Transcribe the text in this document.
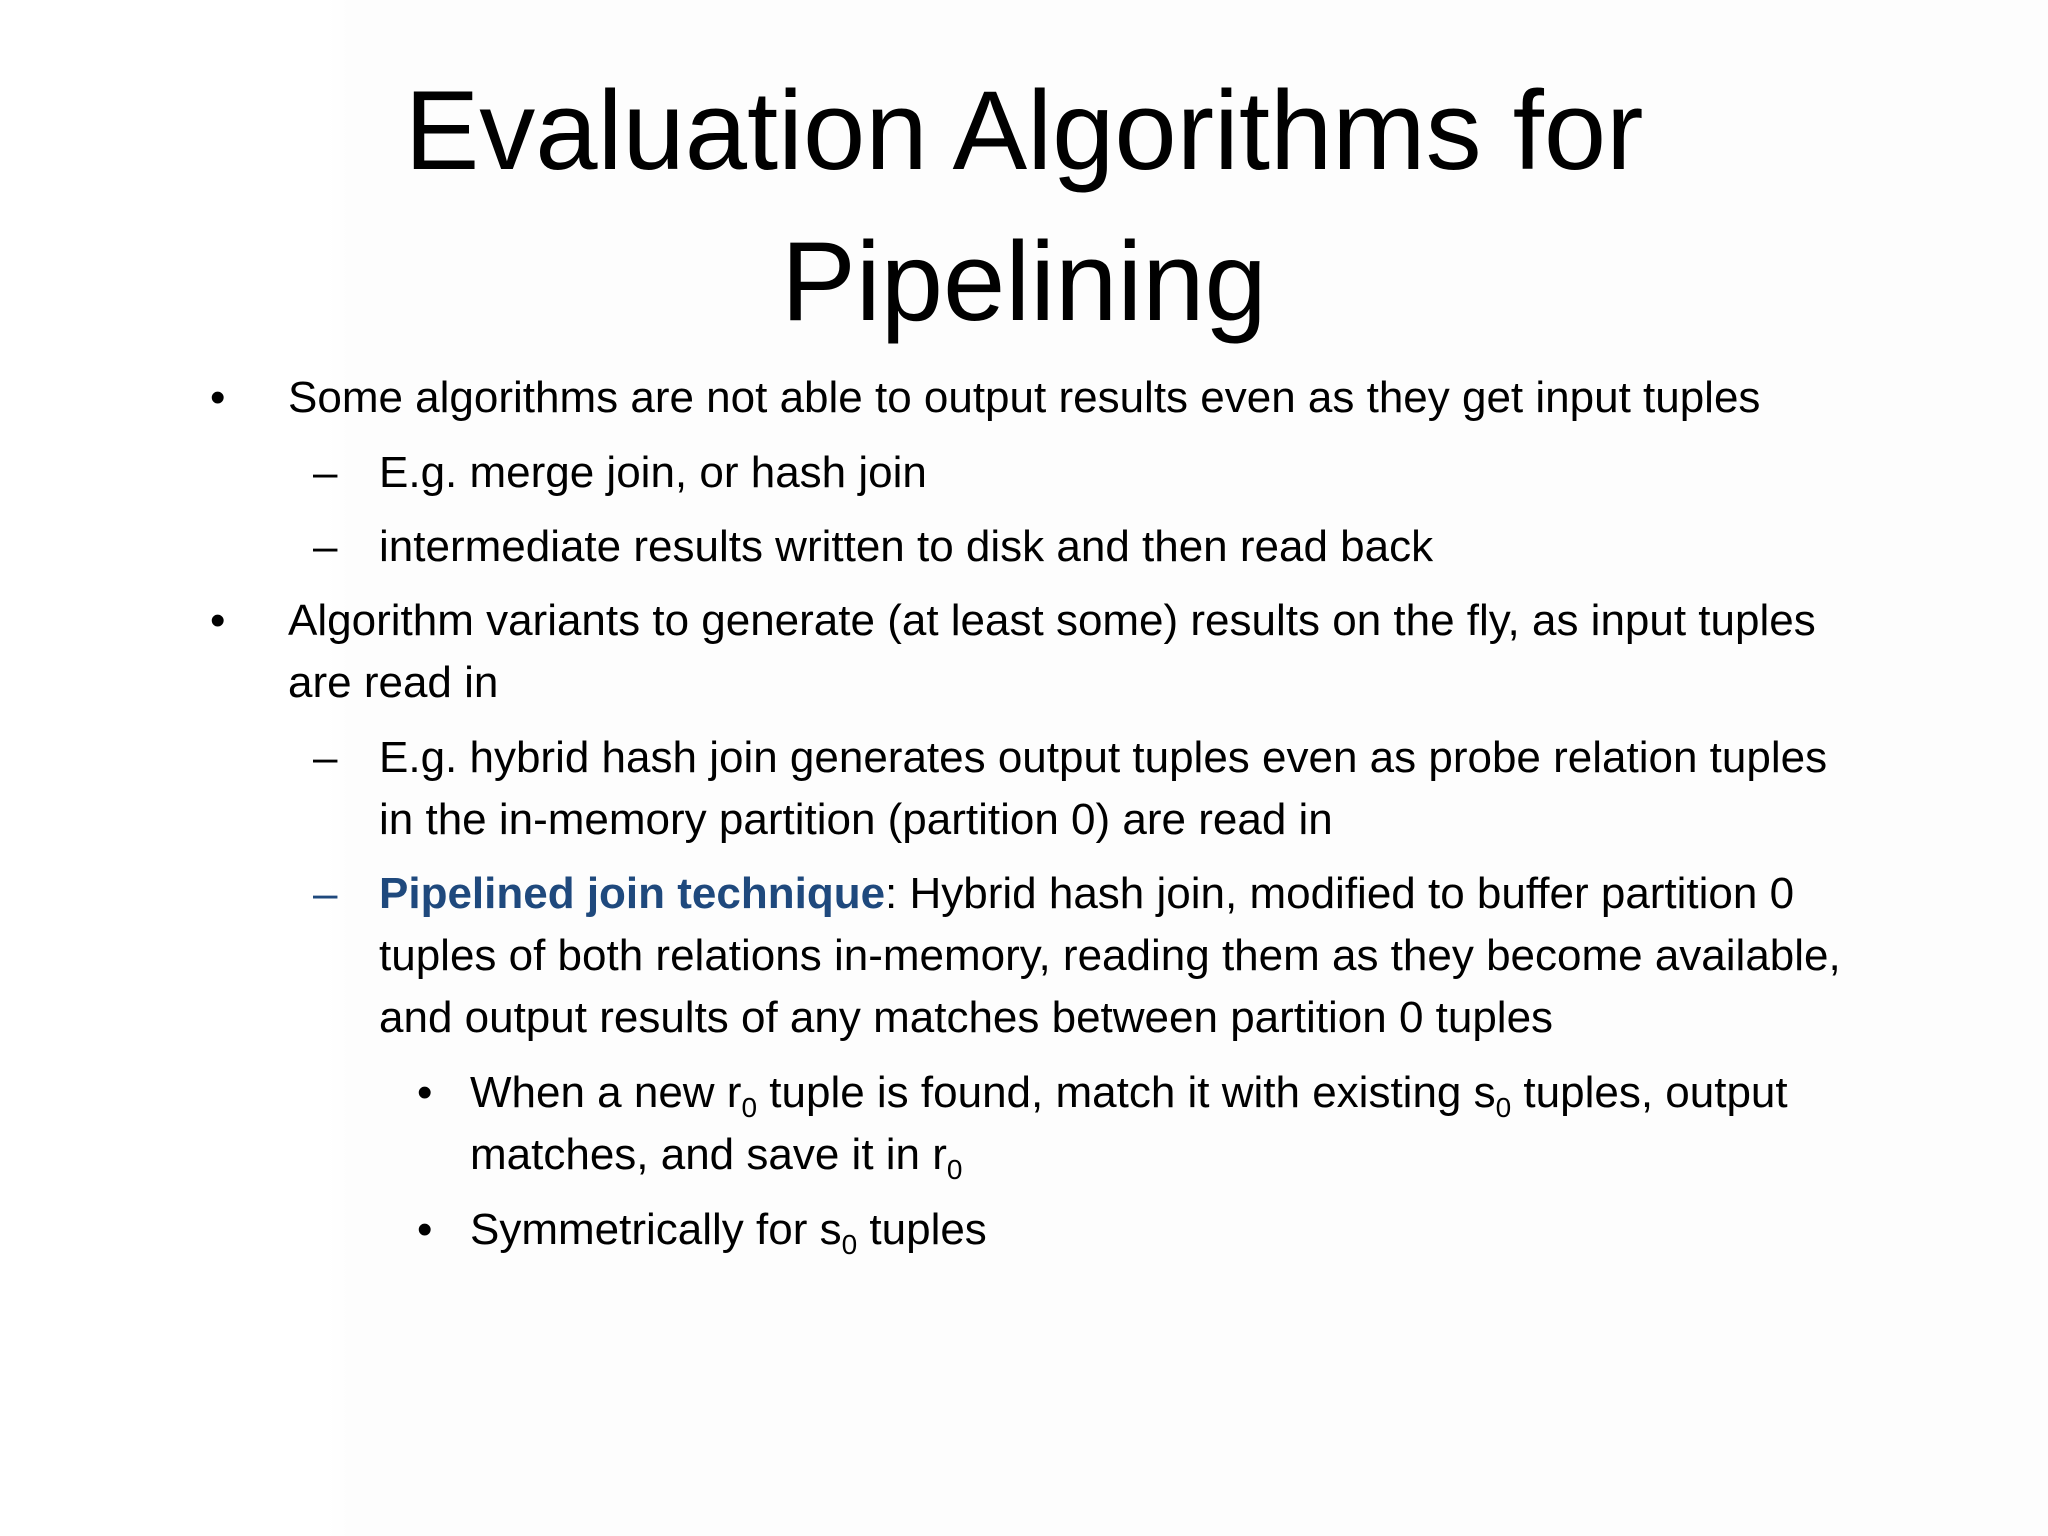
Evaluation Algorithms for
Pipelining
• Some algorithms are not able to output results even as they get input tuples
– E.g. merge join, or hash join
– intermediate results written to disk and then read back
• Algorithm variants to generate (at least some) results on the fly, as input tuples
are read in
– E.g. hybrid hash join generates output tuples even as probe relation tuples
in the in-memory partition (partition 0) are read in
– Pipelined join technique: Hybrid hash join, modified to buffer partition 0
tuples of both relations in-memory, reading them as they become available,
and output results of any matches between partition 0 tuples
• When a new $r_0$ tuple is found, match it with existing $s_0$ tuples, output
matches, and save it in $r_0$
• Symmetrically for $s_0$ tuples
